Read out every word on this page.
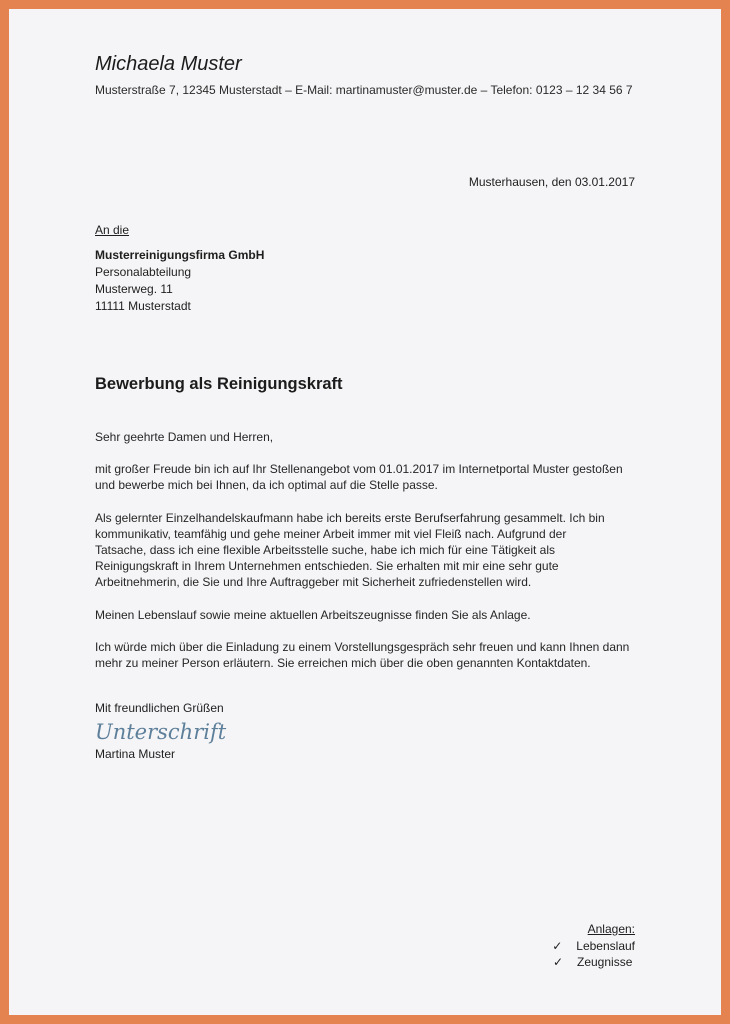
Michaela Muster
Musterstraße 7, 12345 Musterstadt – E-Mail: martinamuster@muster.de – Telefon: 0123 – 12 34 56 7
Musterhausen, den 03.01.2017
An die
Musterreinigungsfirma GmbH
Personalabteilung
Musterweg. 11
11111 Musterstadt
Bewerbung als Reinigungskraft

Sehr geehrte Damen und Herren,

mit großer Freude bin ich auf Ihr Stellenangebot vom 01.01.2017 im Internetportal Muster gestoßen
und bewerbe mich bei Ihnen, da ich optimal auf die Stelle passe.

Als gelernter Einzelhandelskaufmann habe ich bereits erste Berufserfahrung gesammelt. Ich bin
kommunikativ, teamfähig und gehe meiner Arbeit immer mit viel Fleiß nach. Aufgrund der
Tatsache, dass ich eine flexible Arbeitsstelle suche, habe ich mich für eine Tätigkeit als
Reinigungskraft in Ihrem Unternehmen entschieden. Sie erhalten mit mir eine sehr gute
Arbeitnehmerin, die Sie und Ihre Auftraggeber mit Sicherheit zufriedenstellen wird.

Meinen Lebenslauf sowie meine aktuellen Arbeitszeugnisse finden Sie als Anlage.

Ich würde mich über die Einladung zu einem Vorstellungsgespräch sehr freuen und kann Ihnen dann
mehr zu meiner Person erläutern. Sie erreichen mich über die oben genannten Kontaktdaten.

Mit freundlichen Grüßen
Unterschrift
Martina Muster
Anlagen:
✓ Lebenslauf
✓ Zeugnisse
